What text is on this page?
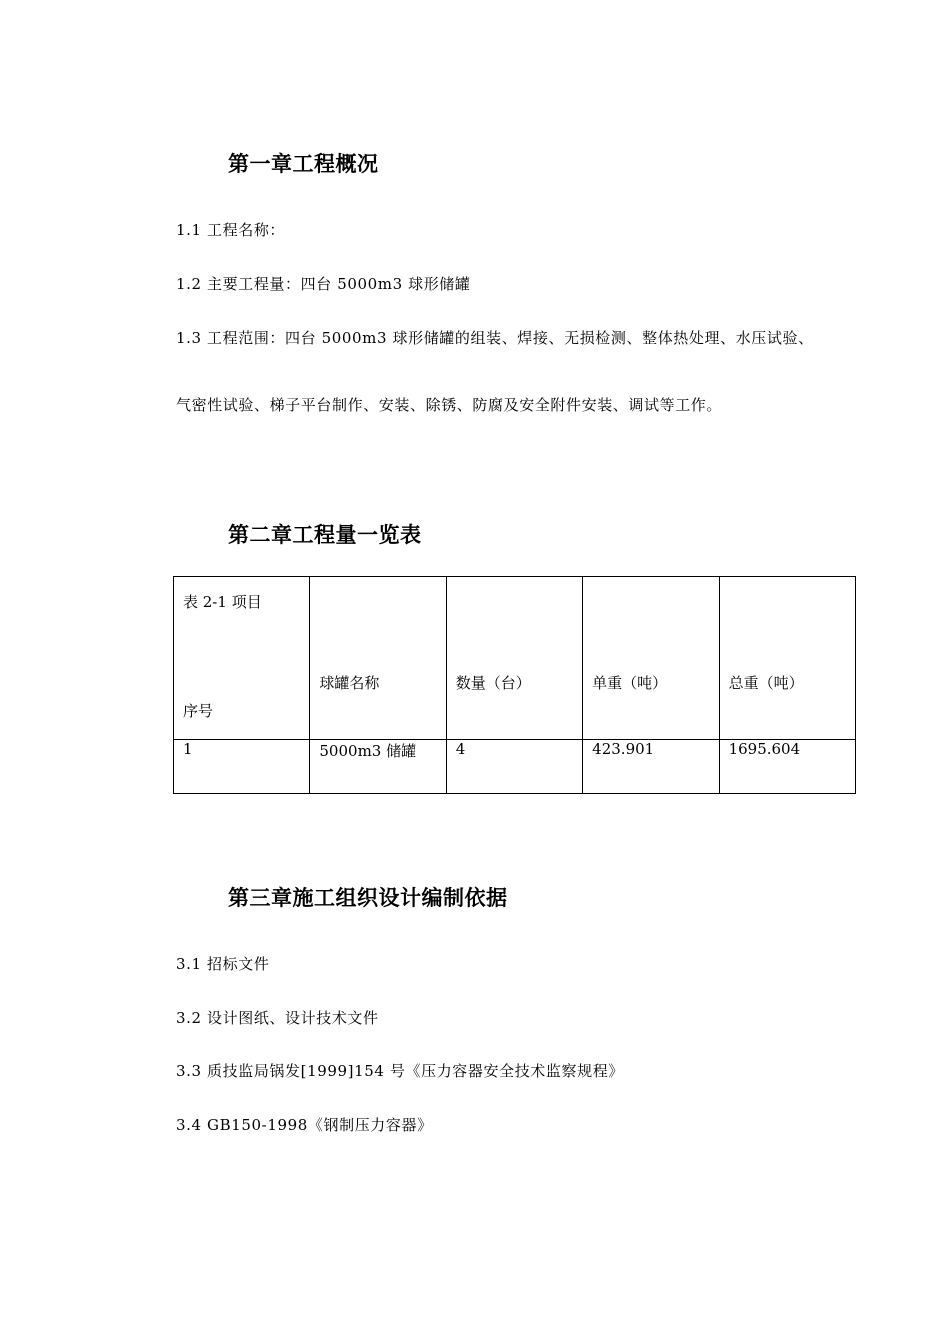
第一章工程概况
1.1 工程名称：
1.2 主要工程量：四台 5000m3 球形储罐
1.3 工程范围：四台 5000m3 球形储罐的组装、焊接、无损检测、整体热处理、水压试验、
气密性试验、梯子平台制作、安装、除锈、防腐及安全附件安装、调试等工作。
第二章工程量一览表
表 2-1 项目
序号	球罐名称	数量（台）	单重（吨）	总重（吨）

1	5000m3 储罐	4	423.901	1695.604
第三章施工组织设计编制依据
3.1 招标文件
3.2 设计图纸、设计技术文件
3.3 质技监局锅发[1999]154 号《压力容器安全技术监察规程》
3.4 GB150-1998《钢制压力容器》
